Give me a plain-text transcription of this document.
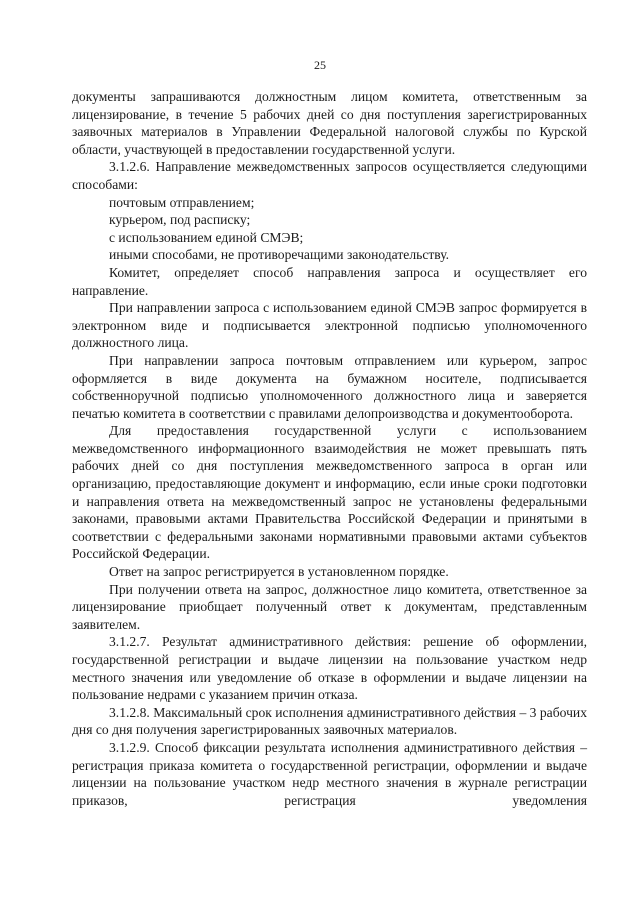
25

документы запрашиваются должностным лицом комитета, ответственным за лицензирование, в течение 5 рабочих дней со дня поступления зарегистрированных заявочных материалов в Управлении Федеральной налоговой службы по Курской области, участвующей в предоставлении государственной услуги.

3.1.2.6. Направление межведомственных запросов осуществляется следующими способами:

почтовым отправлением;

курьером, под расписку;

с использованием единой СМЭВ;

иными способами, не противоречащими законодательству.

Комитет, определяет способ направления запроса и осуществляет его направление.

При направлении запроса с использованием единой СМЭВ запрос формируется в электронном виде и подписывается электронной подписью уполномоченного должностного лица.

При направлении запроса почтовым отправлением или курьером, запрос оформляется в виде документа на бумажном носителе, подписывается собственноручной подписью уполномоченного должностного лица и заверяется печатью комитета в соответствии с правилами делопроизводства и документооборота.

Для предоставления государственной услуги с использованием межведомственного информационного взаимодействия не может превышать пять рабочих дней со дня поступления межведомственного запроса в орган или организацию, предоставляющие документ и информацию, если иные сроки подготовки и направления ответа на межведомственный запрос не установлены федеральными законами, правовыми актами Правительства Российской Федерации и принятыми в соответствии с федеральными законами нормативными правовыми актами субъектов Российской Федерации.

Ответ на запрос регистрируется в установленном порядке.

При получении ответа на запрос, должностное лицо комитета, ответственное за лицензирование приобщает полученный ответ к документам, представленным заявителем.

3.1.2.7. Результат административного действия: решение об оформлении, государственной регистрации и выдаче лицензии на пользование участком недр местного значения или уведомление об отказе в оформлении и выдаче лицензии на пользование недрами с указанием причин отказа.

3.1.2.8. Максимальный срок исполнения административного действия – 3 рабочих дня со дня получения зарегистрированных заявочных материалов.

3.1.2.9. Способ фиксации результата исполнения административного действия – регистрация приказа комитета о государственной регистрации, оформлении и выдаче лицензии на пользование участком недр местного значения в журнале регистрации приказов, регистрация уведомления
